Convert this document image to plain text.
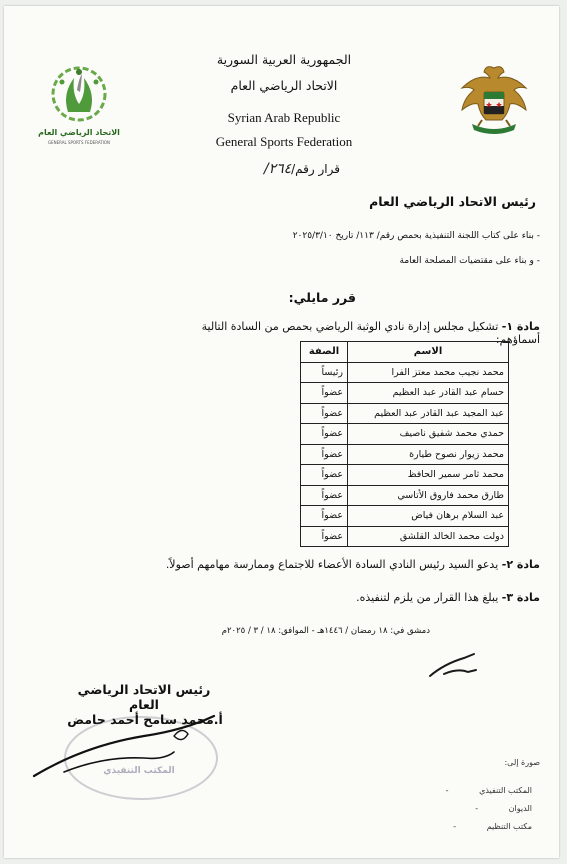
الاتحاد الرياضي العام
GENERAL SPORTS FEDERATION
الجمهورية العربية السورية
الاتحاد الرياضي العام
Syrian Arab Republic
General Sports Federation
قرار رقم/٢٦٤/
رئيس الاتحاد الرياضي العام
- بناء على كتاب اللجنة التنفيذية بحمص رقم/ ١١٣/ تاريخ ٢٠٢٥/٣/١٠
- و بناء على مقتضيات المصلحة العامة
قرر مايلي:
مادة ١- تشكيل مجلس إدارة نادي الوثبة الرياضي بحمص من السادة التالية أسماؤهم:
الاسم	الصفة
محمد نجيب محمد معتز الفرا	رئيساً
حسام عبد القادر عبد العظيم	عضواً
عبد المجيد عبد القادر عبد العظيم	عضواً
حمدي محمد شفيق ناصيف	عضواً
محمد زيوار نصوح طيارة	عضواً
محمد ثامر سمير الحافظ	عضواً
طارق محمد فاروق الأتاسي	عضواً
عبد السلام برهان فياض	عضواً
دولت محمد الخالد القلشق	عضواً
مادة ٢- يدعو السيد رئيس النادي السادة الأعضاء للاجتماع وممارسة مهامهم أصولاً.
مادة ٣- يبلغ هذا القرار من يلزم لتنفيذه.
دمشق في: ١٨ رمضان / ١٤٤٦هـ - الموافق: ١٨ / ٣ / ٢٠٢٥م
المكتب التنفيذي
رئيس الاتحاد الرياضي العام
أ.محمد سامح أحمد حامض
صورة إلى:
المكتب التنفيذي -
الديوان -
مكتب التنظيم -
